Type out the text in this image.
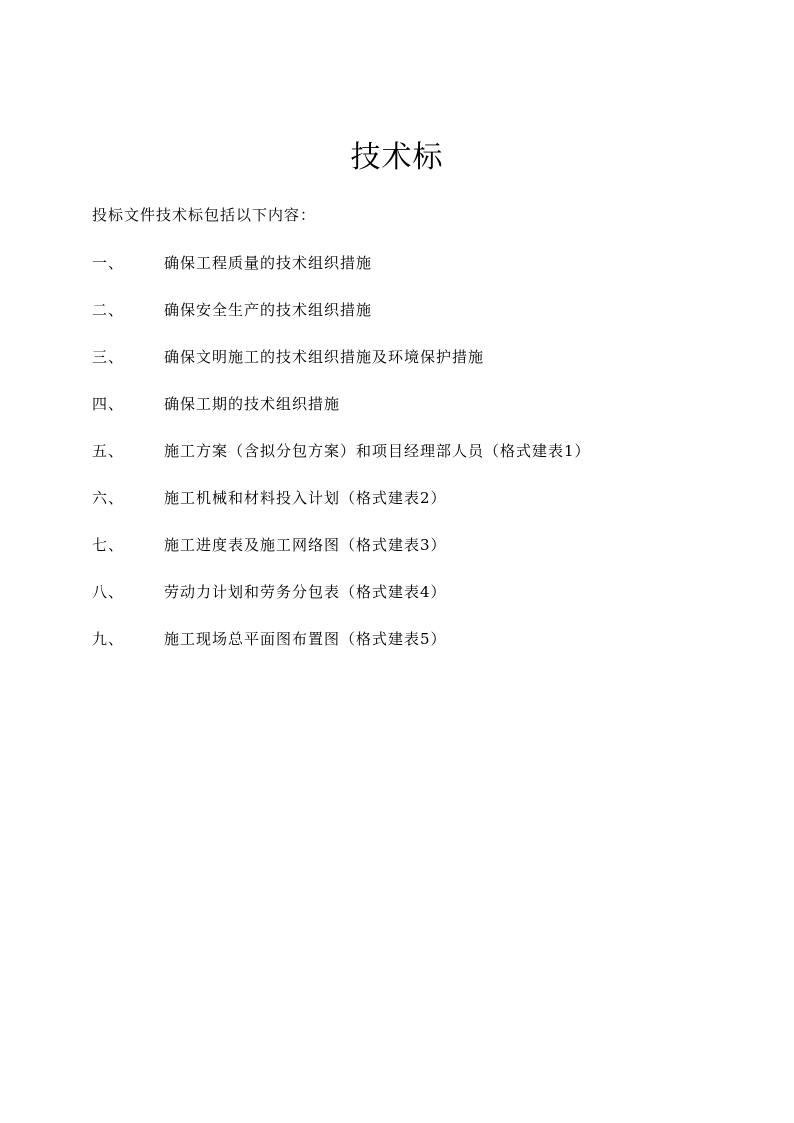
技术标
投标文件技术标包括以下内容：
一、	确保工程质量的技术组织措施
二、	确保安全生产的技术组织措施
三、	确保文明施工的技术组织措施及环境保护措施
四、	确保工期的技术组织措施
五、	施工方案（含拟分包方案）和项目经理部人员（格式建表1）
六、	施工机械和材料投入计划（格式建表2）
七、	施工进度表及施工网络图（格式建表3）
八、	劳动力计划和劳务分包表（格式建表4）
九、	施工现场总平面图布置图（格式建表5）
